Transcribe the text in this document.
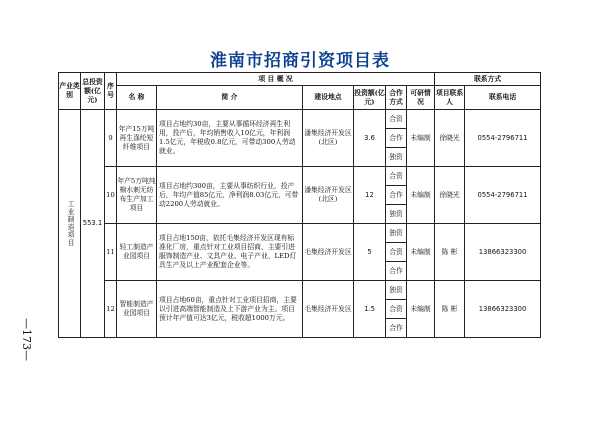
淮南市招商引资项目表
—173—
产业类别	总投资额(亿元)	序号	项 目 概 况						联系方式	
			名 称	简 介	建设地点	投资额(亿元)	合作方式	可研情况	项目联系人	联系电话

工业制造项目	553.1	9	年产15万吨再生涤纶短纤维项目	项目占地约30亩，主要从事循环经济再生利用，投产后，年均销售收入10亿元，年利润1.5亿元，年税收0.8亿元，可带动300人劳动就业。	潘集经济开发区(北区)	3.6	合资	未编制	徐晓光	0554-2796711
							合作			
							独资			
		10	年产5万吨纯棉水刺无纺布生产加工项目	项目占地约300亩，主要从事纺织行业，投产后，年均产值85亿元，净利润8.03亿元，可带动2200人劳动就业。	潘集经济开发区(北区)	12	合资	未编制	徐晓光	0554-2796711
							合作			
							独资			
		11	轻工制造产业园项目	项目占地150亩，依托毛集经济开发区现有标准化厂房，重点针对工业项目招商，主要引进服饰制造产业、文具产业、电子产业、LED灯具生产及以上产业配套企业等。	毛集经济开发区	5	独资	未编制	陈 彬	13866323300
							合资			
							合作			
		12	智能制造产业园项目	项目占地60亩，重点针对工业项目招商，主要以引进高端智能制造及上下游产业为主。项目预计年产值可达3亿元，税收超1000万元。	毛集经济开发区	1.5	独资	未编制	陈 彬	13866323300
							合资			
							合作			
